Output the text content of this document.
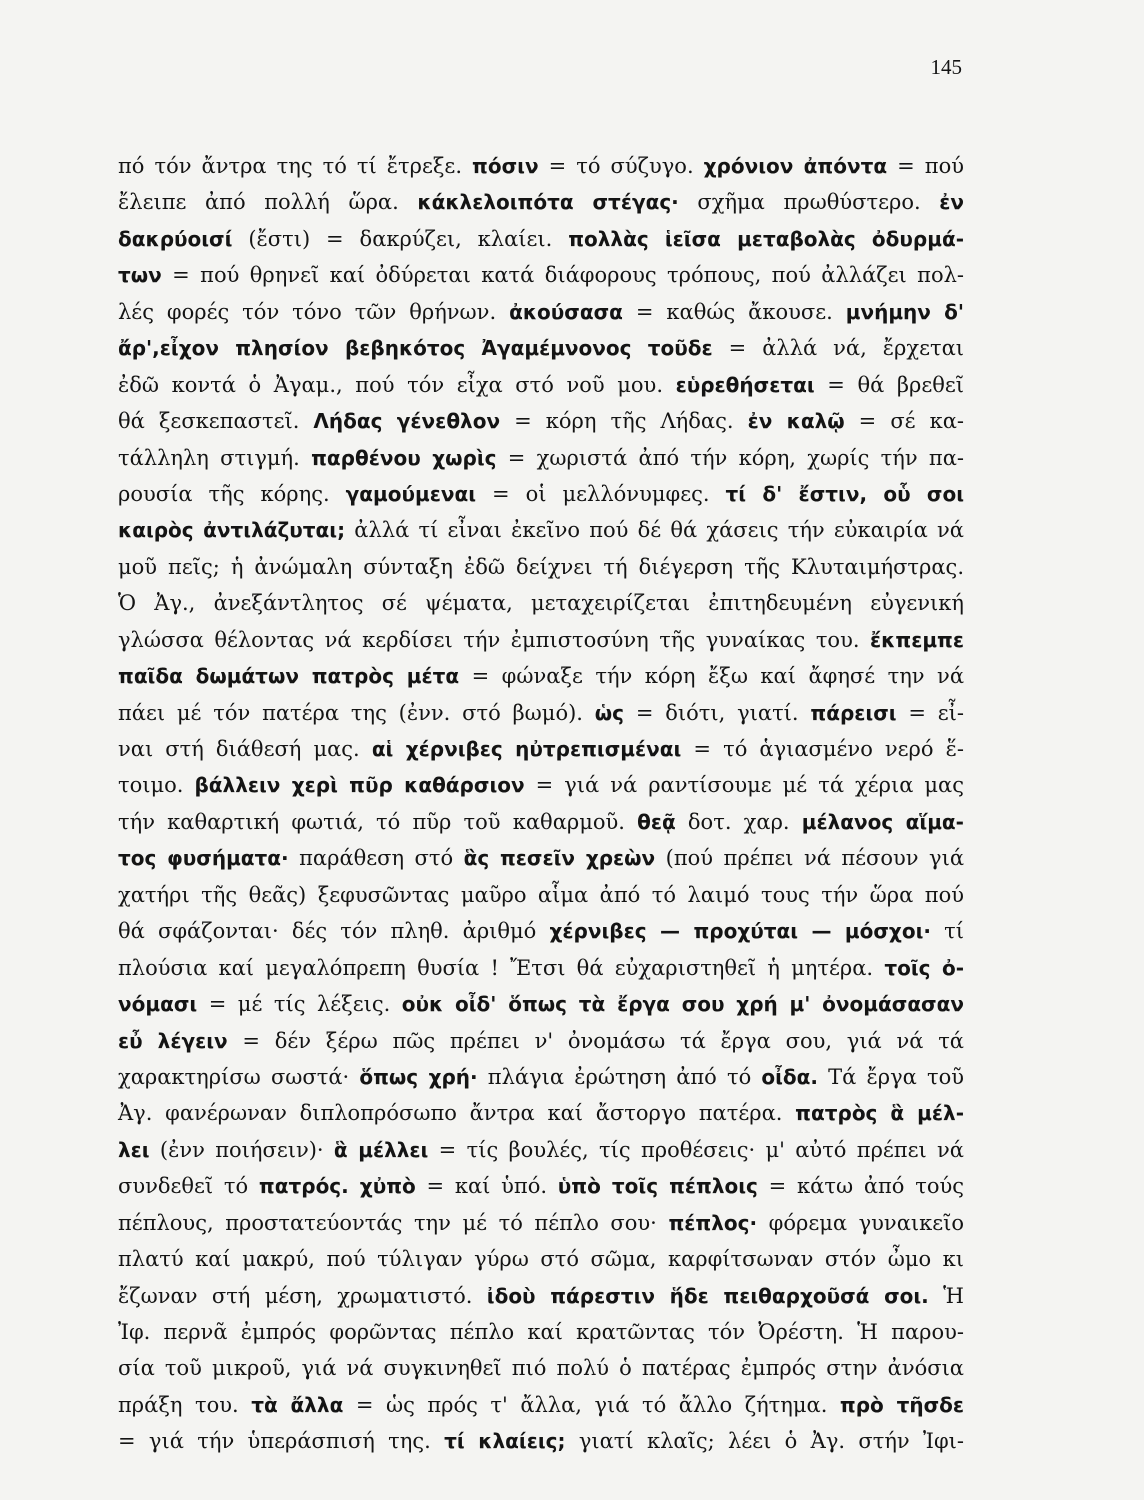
145
πό τόν ἄντρα της τό τί ἔτρεξε. πόσιν = τό σύζυγο. χρόνιον ἀπόντα = πού
ἔλειπε ἀπό πολλή ὥρα. κάκλελοιπότα στέγας· σχῆμα πρωθύστερο. ἐν
δακρύοισί (ἔστι) = δακρύζει, κλαίει. πολλὰς ἱεῖσα μεταβολὰς ὀδυρμά-
των = πού θρηνεῖ καί ὀδύρεται κατά διάφορους τρόπους, πού ἀλλάζει πολ-
λές φορές τόν τόνο τῶν θρήνων. ἀκούσασα = καθώς ἄκουσε. μνήμην δ'
ἄρ',εἶχον πλησίον βεβηκότος Ἀγαμέμνονος τοῦδε = ἀλλά νά, ἔρχεται
ἐδῶ κοντά ὁ Ἀγαμ., πού τόν εἶχα στό νοῦ μου. εὑρεθήσεται = θά βρεθεῖ
θά ξεσκεπαστεῖ. Λήδας γένεθλον = κόρη τῆς Λήδας. ἐν καλῷ = σέ κα-
τάλληλη στιγμή. παρθένου χωρὶς = χωριστά ἀπό τήν κόρη, χωρίς τήν πα-
ρουσία τῆς κόρης. γαμούμεναι = οἱ μελλόνυμφες. τί δ' ἔστιν, οὗ σοι
καιρὸς ἀντιλάζυται; ἀλλά τί εἶναι ἐκεῖνο πού δέ θά χάσεις τήν εὐκαιρία νά
μοῦ πεῖς; ἡ ἀνώμαλη σύνταξη ἐδῶ δείχνει τή διέγερση τῆς Κλυταιμήστρας.
Ὁ Ἀγ., ἀνεξάντλητος σέ ψέματα, μεταχειρίζεται ἐπιτηδευμένη εὐγενική
γλώσσα θέλοντας νά κερδίσει τήν ἐμπιστοσύνη τῆς γυναίκας του. ἔκπεμπε
παῖδα δωμάτων πατρὸς μέτα = φώναξε τήν κόρη ἔξω καί ἄφησέ την νά
πάει μέ τόν πατέρα της (ἐνν. στό βωμό). ὡς = διότι, γιατί. πάρεισι = εἶ-
ναι στή διάθεσή μας. αἱ χέρνιβες ηὐτρεπισμέναι = τό ἁγιασμένο νερό ἕ-
τοιμο. βάλλειν χερὶ πῦρ καθάρσιον = γιά νά ραντίσουμε μέ τά χέρια μας
τήν καθαρτική φωτιά, τό πῦρ τοῦ καθαρμοῦ. θεᾷ δοτ. χαρ. μέλανος αἵμα-
τος φυσήματα· παράθεση στό ἃς πεσεῖν χρεὼν (πού πρέπει νά πέσουν γιά
χατήρι τῆς θεᾶς) ξεφυσῶντας μαῦρο αἷμα ἀπό τό λαιμό τους τήν ὥρα πού
θά σφάζονται· δές τόν πληθ. ἀριθμό χέρνιβες — προχύται — μόσχοι· τί
πλούσια καί μεγαλόπρεπη θυσία ! Ἔτσι θά εὐχαριστηθεῖ ἡ μητέρα. τοῖς ὀ-
νόμασι = μέ τίς λέξεις. οὐκ οἶδ' ὅπως τὰ ἔργα σου χρή μ' ὀνομάσασαν
εὖ λέγειν = δέν ξέρω πῶς πρέπει ν' ὀνομάσω τά ἔργα σου, γιά νά τά
χαρακτηρίσω σωστά· ὅπως χρή· πλάγια ἐρώτηση ἀπό τό οἶδα. Τά ἔργα τοῦ
Ἀγ. φανέρωναν διπλοπρόσωπο ἄντρα καί ἄστοργο πατέρα. πατρὸς ἃ μέλ-
λει (ἐνν ποιήσειν)· ἃ μέλλει = τίς βουλές, τίς προθέσεις· μ' αὐτό πρέπει νά
συνδεθεῖ τό πατρός. χὐπὸ = καί ὑπό. ὑπὸ τοῖς πέπλοις = κάτω ἀπό τούς
πέπλους, προστατεύοντάς την μέ τό πέπλο σου· πέπλος· φόρεμα γυναικεῖο
πλατύ καί μακρύ, πού τύλιγαν γύρω στό σῶμα, καρφίτσωναν στόν ὦμο κι
ἔζωναν στή μέση, χρωματιστό. ἰδοὺ πάρεστιν ἥδε πειθαρχοῦσά σοι. Ἡ
Ἰφ. περνᾶ ἐμπρός φορῶντας πέπλο καί κρατῶντας τόν Ὀρέστη. Ἡ παρου-
σία τοῦ μικροῦ, γιά νά συγκινηθεῖ πιό πολύ ὁ πατέρας ἐμπρός στην ἀνόσια
πράξη του. τὰ ἄλλα = ὡς πρός τ' ἄλλα, γιά τό ἄλλο ζήτημα. πρὸ τῆσδε
= γιά τήν ὑπεράσπισή της. τί κλαίεις; γιατί κλαῖς; λέει ὁ Ἀγ. στήν Ἰφι-
